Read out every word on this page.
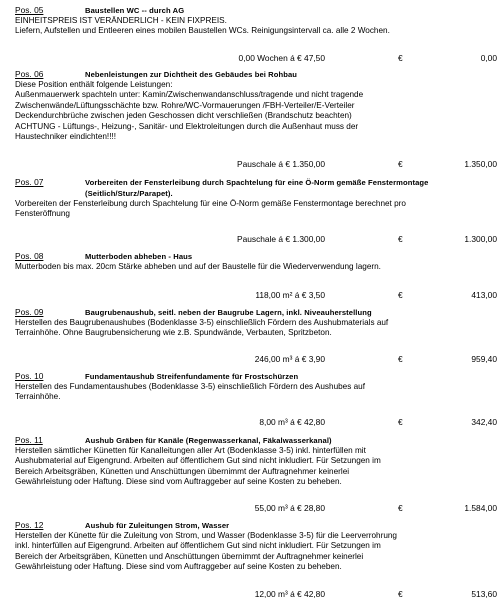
Pos. 05	Baustellen WC -- durch AG
EINHEITSPREIS IST VERÄNDERLICH - KEIN FIXPREIS.
Liefern, Aufstellen und Entleeren eines mobilen Baustellen WCs. Reinigungsintervall ca. alle 2 Wochen.
0,00 Wochen á € 47,50	€	0,00
Pos. 06	Nebenleistungen zur Dichtheit des Gebäudes bei Rohbau
Diese Position enthält folgende Leistungen:
Außenmauerwerk spachteln unter: Kamin/Zwischenwandanschluss/tragende und nicht tragende
Zwischenwände/Lüftungsschächte bzw. Rohre/WC-Vormauerungen /FBH-Verteiler/E-Verteiler
Deckendurchbrüche zwischen jeden Geschossen dicht verschließen (Brandschutz beachten)
ACHTUNG - Lüftungs-, Heizung-, Sanitär- und Elektroleitungen durch die Außenhaut muss der
Haustechniker eindichten!!!!
Pauschale á € 1.350,00	€	1.350,00
Pos. 07	Vorbereiten der Fensterleibung durch Spachtelung für eine Ö-Norm gemäße Fenstermontage (Seitlich/Sturz/Parapet).
Vorbereiten der Fensterleibung durch Spachtelung für eine Ö-Norm gemäße Fenstermontage berechnet pro
Fensteröffnung
Pauschale á € 1.300,00	€	1.300,00
Pos. 08	Mutterboden abheben - Haus
Mutterboden bis max. 20cm Stärke abheben und auf der Baustelle für die Wiederverwendung lagern.
118,00 m² á € 3,50	€	413,00
Pos. 09	Baugrubenaushub, seitl. neben der Baugrube Lagern, inkl. Niveauherstellung
Herstellen des Baugrubenaushubes (Bodenklasse 3-5) einschließlich Fördern des Aushubmaterials auf
Terrainhöhe. Ohne Baugrubensicherung wie z.B. Spundwände, Verbauten, Spritzbeton.
246,00 m³ á € 3,90	€	959,40
Pos. 10	Fundamentaushub Streifenfundamente für Frostschürzen
Herstellen des Fundamentaushubes (Bodenklasse 3-5) einschließlich Fördern des Aushubes auf
Terrainhöhe.
8,00 m³ á € 42,80	€	342,40
Pos. 11	Aushub Gräben für Kanäle (Regenwasserkanal, Fäkalwasserkanal)
Herstellen sämtlicher Künetten für Kanalleitungen aller Art (Bodenklasse 3-5) inkl. hinterfüllen mit
Aushubmaterial auf Eigengrund. Arbeiten auf öffentlichem Gut sind nicht inkludiert. Für Setzungen im
Bereich Arbeitsgräben, Künetten und Anschüttungen übernimmt der Auftragnehmer keinerlei
Gewährleistung oder Haftung. Diese sind vom Auftraggeber auf seine Kosten zu beheben.
55,00 m³ á € 28,80	€	1.584,00
Pos. 12	Aushub für Zuleitungen Strom, Wasser
Herstellen der Künette für die Zuleitung von Strom, und Wasser (Bodenklasse 3-5) für die Leerverrohrung
inkl. hinterfüllen auf Eigengrund. Arbeiten auf öffentlichem Gut sind nicht inkludiert. Für Setzungen im
Bereich der Arbeitsgräben, Künetten und Anschüttungen übernimmt der Auftragnehmer keinerlei
Gewährleistung oder Haftung. Diese sind vom Auftraggeber auf seine Kosten zu beheben.
12,00 m³ á € 42,80	€	513,60
